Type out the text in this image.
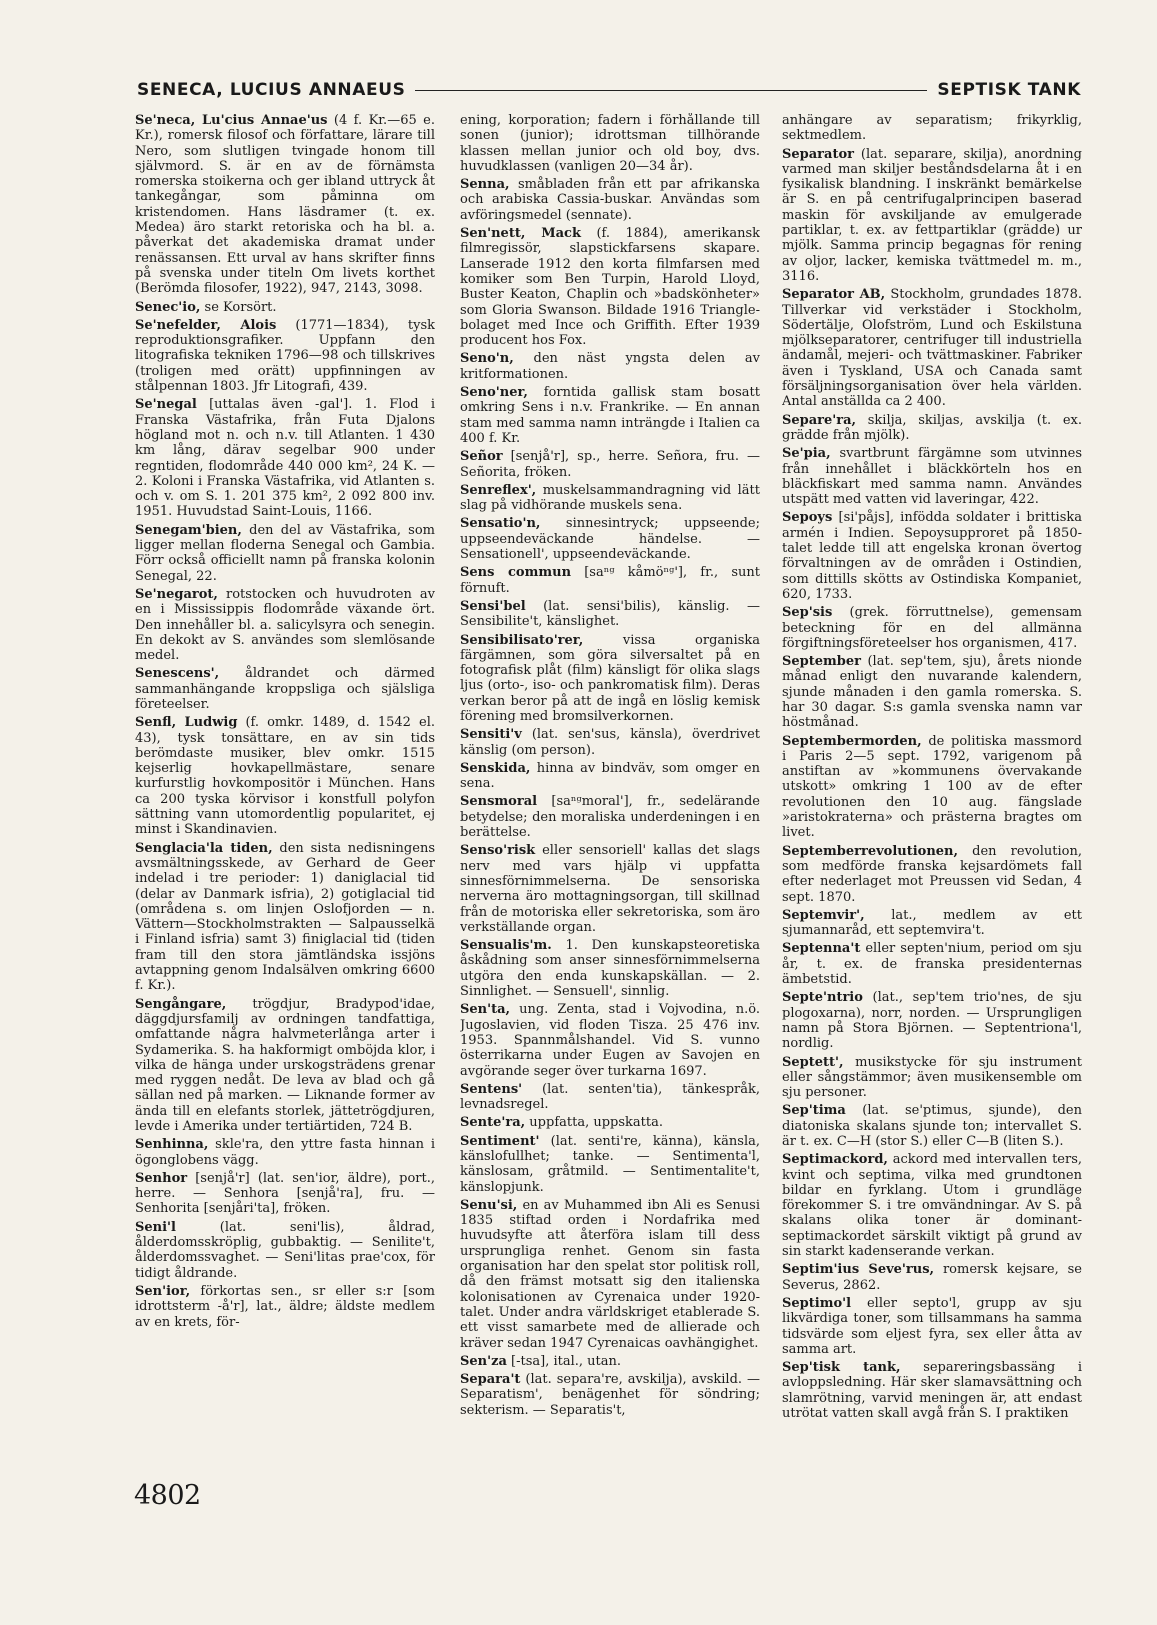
SENECA, LUCIUS ANNAEUS	SEPTISK TANK

Se'neca, Lu'cius Annae'us (4 f. Kr.—65 e. Kr.), romersk filosof och författare, lärare till Nero, som slutligen tvingade honom till självmord. S. är en av de förnämsta romerska stoikerna och ger ibland uttryck åt tankegångar, som påminna om kristendomen. Hans läsdramer (t. ex. Medea) äro starkt retoriska och ha bl. a. påverkat det akademiska dramat under renässansen. Ett urval av hans skrifter finns på svenska under titeln Om livets korthet (Berömda filosofer, 1922), 947, 2143, 3098.

Senec'io, se Korsört.

Se'nefelder, Alois (1771—1834), tysk reproduktionsgrafiker. Uppfann den litografiska tekniken 1796—98 och tillskrives (troligen med orätt) uppfinningen av stålpennan 1803. Jfr Litografi, 439.

Se'negal [uttalas även -gal']. 1. Flod i Franska Västafrika, från Futa Djalons högland mot n. och n.v. till Atlanten. 1 430 km lång, därav segelbar 900 under regntiden, flodområde 440 000 km², 24 K. — 2. Koloni i Franska Västafrika, vid Atlanten s. och v. om S. 1. 201 375 km², 2 092 800 inv. 1951. Huvudstad Saint-Louis, 1166.

Senegam'bien, den del av Västafrika, som ligger mellan floderna Senegal och Gambia. Förr också officiellt namn på franska kolonin Senegal, 22.

Se'negarot, rotstocken och huvudroten av en i Mississippis flodområde växande ört. Den innehåller bl. a. salicylsyra och senegin. En dekokt av S. användes som slemlösande medel.

Senescens', åldrandet och därmed sammanhängande kroppsliga och själsliga företeelser.

Senfl, Ludwig (f. omkr. 1489, d. 1542 el. 43), tysk tonsättare, en av sin tids berömdaste musiker, blev omkr. 1515 kejserlig hovkapellmästare, senare kurfurstlig hovkompositör i München. Hans ca 200 tyska körvisor i konstfull polyfon sättning vann utomordentlig popularitet, ej minst i Skandinavien.

Senglacia'la tiden, den sista nedisningens avsmältningsskede, av Gerhard de Geer indelad i tre perioder: 1) daniglacial tid (delar av Danmark isfria), 2) gotiglacial tid (områdena s. om linjen Oslofjorden — n. Vättern—Stockholmstrakten — Salpausselkä i Finland isfria) samt 3) finiglacial tid (tiden fram till den stora jämtländska issjöns avtappning genom Indalsälven omkring 6600 f. Kr.).

Sengångare, trögdjur, Bradypod'idae, däggdjursfamilj av ordningen tandfattiga, omfattande några halvmeterlånga arter i Sydamerika. S. ha hakformigt omböjda klor, i vilka de hänga under urskogsträdens grenar med ryggen nedåt. De leva av blad och gå sällan ned på marken. — Liknande former av ända till en elefants storlek, jättetrögdjuren, levde i Amerika under tertiärtiden, 724 B.

Senhinna, skle'ra, den yttre fasta hinnan i ögonglobens vägg.

Senhor [senjå'r] (lat. sen'ior, äldre), port., herre. — Senhora [senjå'ra], fru. — Senhorita [senjåri'ta], fröken.

Seni'l (lat. seni'lis), åldrad, ålderdomsskröplig, gubbaktig. — Senilite't, ålderdomssvaghet. — Seni'litas prae'cox, för tidigt åldrande.

Sen'ior, förkortas sen., sr eller s:r [som idrottsterm -å'r], lat., äldre; äldste medlem av en krets, för-

ening, korporation; fadern i förhållande till sonen (junior); idrottsman tillhörande klassen mellan junior och old boy, dvs. huvudklassen (vanligen 20—34 år).

Senna, småbladen från ett par afrikanska och arabiska Cassia-buskar. Användas som avföringsmedel (sennate).

Sen'nett, Mack (f. 1884), amerikansk filmregissör, slapstickfarsens skapare. Lanserade 1912 den korta filmfarsen med komiker som Ben Turpin, Harold Lloyd, Buster Keaton, Chaplin och »badskönheter» som Gloria Swanson. Bildade 1916 Triangle-bolaget med Ince och Griffith. Efter 1939 producent hos Fox.

Seno'n, den näst yngsta delen av kritformationen.

Seno'ner, forntida gallisk stam bosatt omkring Sens i n.v. Frankrike. — En annan stam med samma namn inträngde i Italien ca 400 f. Kr.

Señor [senjå'r], sp., herre. Señora, fru. — Señorita, fröken.

Senreflex', muskelsammandragning vid lätt slag på vidhörande muskels sena.

Sensatio'n, sinnesintryck; uppseende; uppseendeväckande händelse. — Sensationell', uppseendeväckande.

Sens commun [saⁿᵍ kåmöⁿᵍ'], fr., sunt förnuft.

Sensi'bel (lat. sensi'bilis), känslig. — Sensibilite't, känslighet.

Sensibilisato'rer, vissa organiska färgämnen, som göra silversaltet på en fotografisk plåt (film) känsligt för olika slags ljus (orto-, iso- och pankromatisk film). Deras verkan beror på att de ingå en löslig kemisk förening med bromsilverkornen.

Sensiti'v (lat. sen'sus, känsla), överdrivet känslig (om person).

Senskida, hinna av bindväv, som omger en sena.

Sensmoral [saⁿᵍmoral'], fr., sedelärande betydelse; den moraliska underdeningen i en berättelse.

Senso'risk eller sensoriell' kallas det slags nerv med vars hjälp vi uppfatta sinnesförnimmelserna. De sensoriska nerverna äro mottagningsorgan, till skillnad från de motoriska eller sekretoriska, som äro verkställande organ.

Sensualis'm. 1. Den kunskapsteoretiska åskådning som anser sinnesförnimmelserna utgöra den enda kunskapskällan. — 2. Sinnlighet. — Sensuell', sinnlig.

Sen'ta, ung. Zenta, stad i Vojvodina, n.ö. Jugoslavien, vid floden Tisza. 25 476 inv. 1953. Spannmålshandel. Vid S. vunno österrikarna under Eugen av Savojen en avgörande seger över turkarna 1697.

Sentens' (lat. senten'tia), tänkespråk, levnadsregel.

Sente'ra, uppfatta, uppskatta.

Sentiment' (lat. senti're, känna), känsla, känslofullhet; tanke. — Sentimenta'l, känslosam, gråtmild. — Sentimentalite't, känslopjunk.

Senu'si, en av Muhammed ibn Ali es Senusi 1835 stiftad orden i Nordafrika med huvudsyfte att återföra islam till dess ursprungliga renhet. Genom sin fasta organisation har den spelat stor politisk roll, då den främst motsatt sig den italienska kolonisationen av Cyrenaica under 1920-talet. Under andra världskriget etablerade S. ett visst samarbete med de allierade och kräver sedan 1947 Cyrenaicas oavhängighet.

Sen'za [-tsa], ital., utan.

Separa't (lat. separa're, avskilja), avskild. — Separatism', benägenhet för söndring; sekterism. — Separatis't,

anhängare av separatism; frikyrklig, sektmedlem.

Separator (lat. separare, skilja), anordning varmed man skiljer beståndsdelarna åt i en fysikalisk blandning. I inskränkt bemärkelse är S. en på centrifugalprincipen baserad maskin för avskiljande av emulgerade partiklar, t. ex. av fettpartiklar (grädde) ur mjölk. Samma princip begagnas för rening av oljor, lacker, kemiska tvättmedel m. m., 3116.

Separator AB, Stockholm, grundades 1878. Tillverkar vid verkstäder i Stockholm, Södertälje, Olofström, Lund och Eskilstuna mjölkseparatorer, centrifuger till industriella ändamål, mejeri- och tvättmaskiner. Fabriker även i Tyskland, USA och Canada samt försäljningsorganisation över hela världen. Antal anställda ca 2 400.

Separe'ra, skilja, skiljas, avskilja (t. ex. grädde från mjölk).

Se'pia, svartbrunt färgämne som utvinnes från innehållet i bläckkörteln hos en bläckfiskart med samma namn. Användes utspätt med vatten vid laveringar, 422.

Sepoys [si'påjs], infödda soldater i brittiska armén i Indien. Sepoysupproret på 1850-talet ledde till att engelska kronan övertog förvaltningen av de områden i Ostindien, som dittills skötts av Ostindiska Kompaniet, 620, 1733.

Sep'sis (grek. förruttnelse), gemensam beteckning för en del allmänna förgiftningsföreteelser hos organismen, 417.

September (lat. sep'tem, sju), årets nionde månad enligt den nuvarande kalendern, sjunde månaden i den gamla romerska. S. har 30 dagar. S:s gamla svenska namn var höstmånad.

Septembermorden, de politiska massmord i Paris 2—5 sept. 1792, varigenom på anstiftan av »kommunens övervakande utskott» omkring 1 100 av de efter revolutionen den 10 aug. fängslade »aristokraterna» och prästerna bragtes om livet.

Septemberrevolutionen, den revolution, som medförde franska kejsardömets fall efter nederlaget mot Preussen vid Sedan, 4 sept. 1870.

Septemvir', lat., medlem av ett sjumannaråd, ett septemvira't.

Septenna't eller septen'nium, period om sju år, t. ex. de franska presidenternas ämbetstid.

Septe'ntrio (lat., sep'tem trio'nes, de sju plogoxarna), norr, norden. — Ursprungligen namn på Stora Björnen. — Septentriona'l, nordlig.

Septett', musikstycke för sju instrument eller sångstämmor; även musikensemble om sju personer.

Sep'tima (lat. se'ptimus, sjunde), den diatoniska skalans sjunde ton; intervallet S. är t. ex. C—H (stor S.) eller C—B (liten S.).

Septimackord, ackord med intervallen ters, kvint och septima, vilka med grundtonen bildar en fyrklang. Utom i grundläge förekommer S. i tre omvändningar. Av S. på skalans olika toner är dominant-septimackordet särskilt viktigt på grund av sin starkt kadenserande verkan.

Septim'ius Seve'rus, romersk kejsare, se Severus, 2862.

Septimo'l eller septo'l, grupp av sju likvärdiga toner, som tillsammans ha samma tidsvärde som eljest fyra, sex eller åtta av samma art.

Sep'tisk tank, separeringsbassäng i avloppsledning. Här sker slamavsättning och slamrötning, varvid meningen är, att endast utrötat vatten skall avgå från S. I praktiken

4802
